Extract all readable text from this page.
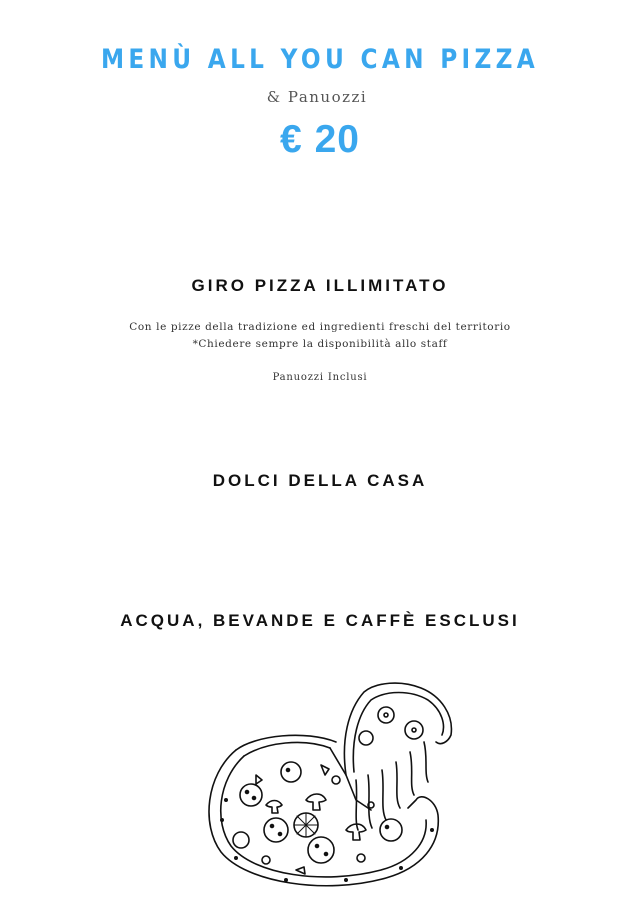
MENÙ ALL YOU CAN PIZZA
& Panuozzi
€ 20
GIRO PIZZA ILLIMITATO
Con le pizze della tradizione ed ingredienti freschi del territorio
*Chiedere sempre la disponibilità allo staff
Panuozzi Inclusi
DOLCI DELLA CASA
ACQUA, BEVANDE E CAFFÈ ESCLUSI
